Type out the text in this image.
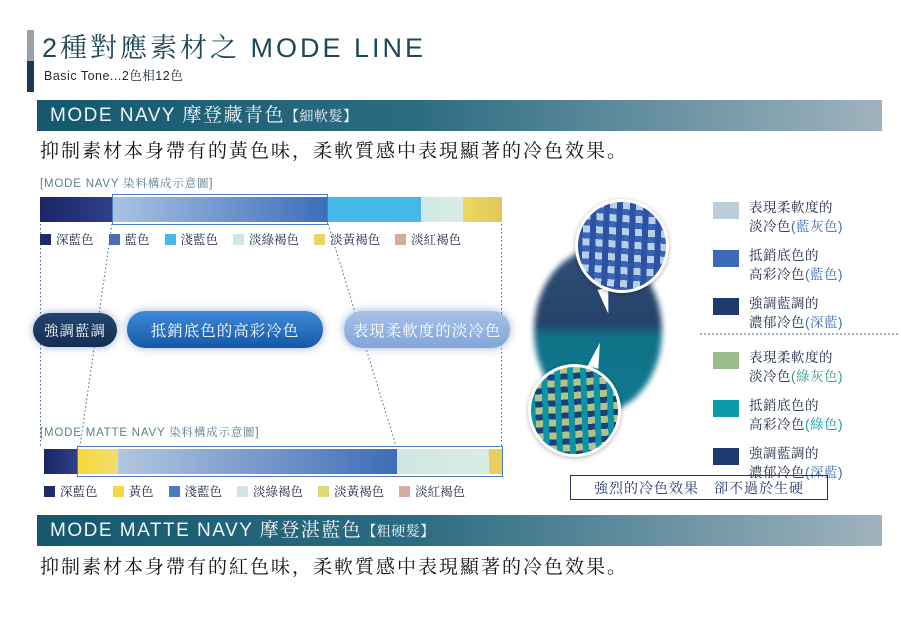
2種對應素材之 MODE LINE
Basic Tone...2色相12色
MODE NAVY 摩登藏青色【細軟髮】
抑制素材本身帶有的黃色味，柔軟質感中表現顯著的冷色效果。
[MODE NAVY 染料構成示意圖]
深藍色 藍色 淺藍色 淡綠褐色 淡黃褐色 淡紅褐色
強調藍調	抵銷底色的高彩冷色	表現柔軟度的淡冷色
[MODE MATTE NAVY 染料構成示意圖]
深藍色 黃色 淺藍色 淡綠褐色 淡黃褐色 淡紅褐色
表現柔軟度的
淡冷色(藍灰色)
抵銷底色的
高彩冷色(藍色)
強調藍調的
濃郁冷色(深藍)
表現柔軟度的
淡冷色(綠灰色)
抵銷底色的
高彩冷色(綠色)
強調藍調的
濃郁冷色(深藍)
強烈的冷色效果　卻不過於生硬
MODE MATTE NAVY 摩登湛藍色【粗硬髮】
抑制素材本身帶有的紅色味，柔軟質感中表現顯著的冷色效果。
